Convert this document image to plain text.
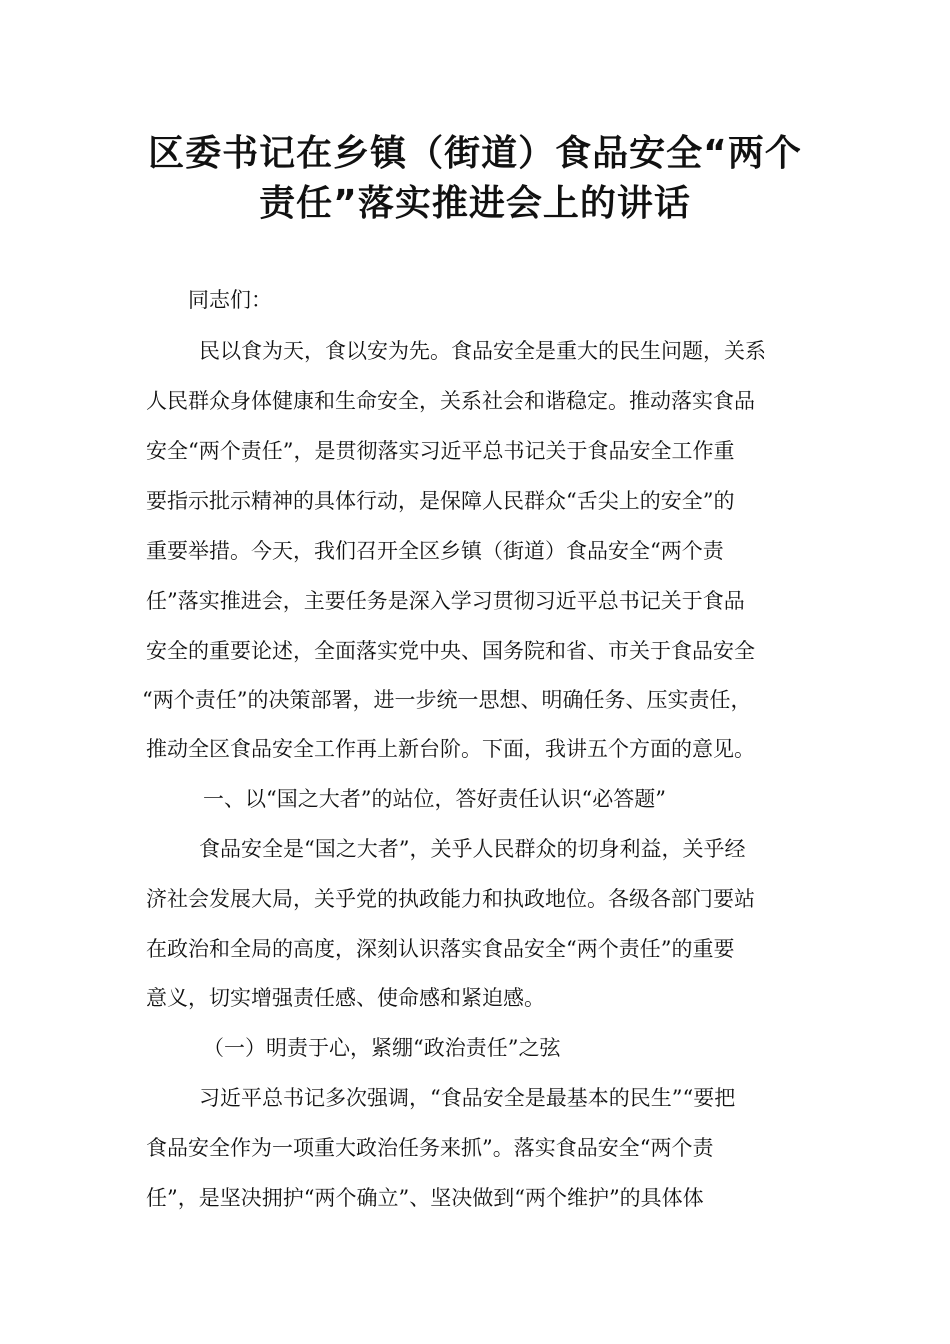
区委书记在乡镇（街道）食品安全“两个
责任”落实推进会上的讲话

同志们：

民以食为天，食以安为先。食品安全是重大的民生问题，关系

人民群众身体健康和生命安全，关系社会和谐稳定。推动落实食品

安全“两个责任”，是贯彻落实习近平总书记关于食品安全工作重

要指示批示精神的具体行动，是保障人民群众“舌尖上的安全”的

重要举措。今天，我们召开全区乡镇（街道）食品安全“两个责

任”落实推进会，主要任务是深入学习贯彻习近平总书记关于食品

安全的重要论述，全面落实党中央、国务院和省、市关于食品安全

“两个责任”的决策部署，进一步统一思想、明确任务、压实责任，

推动全区食品安全工作再上新台阶。下面，我讲五个方面的意见。

一、以“国之大者”的站位，答好责任认识“必答题”

食品安全是“国之大者”，关乎人民群众的切身利益，关乎经

济社会发展大局，关乎党的执政能力和执政地位。各级各部门要站

在政治和全局的高度，深刻认识落实食品安全“两个责任”的重要

意义，切实增强责任感、使命感和紧迫感。

（一）明责于心，紧绷“政治责任”之弦

习近平总书记多次强调，“食品安全是最基本的民生”“要把

食品安全作为一项重大政治任务来抓”。落实食品安全“两个责

任”，是坚决拥护“两个确立”、坚决做到“两个维护”的具体体
